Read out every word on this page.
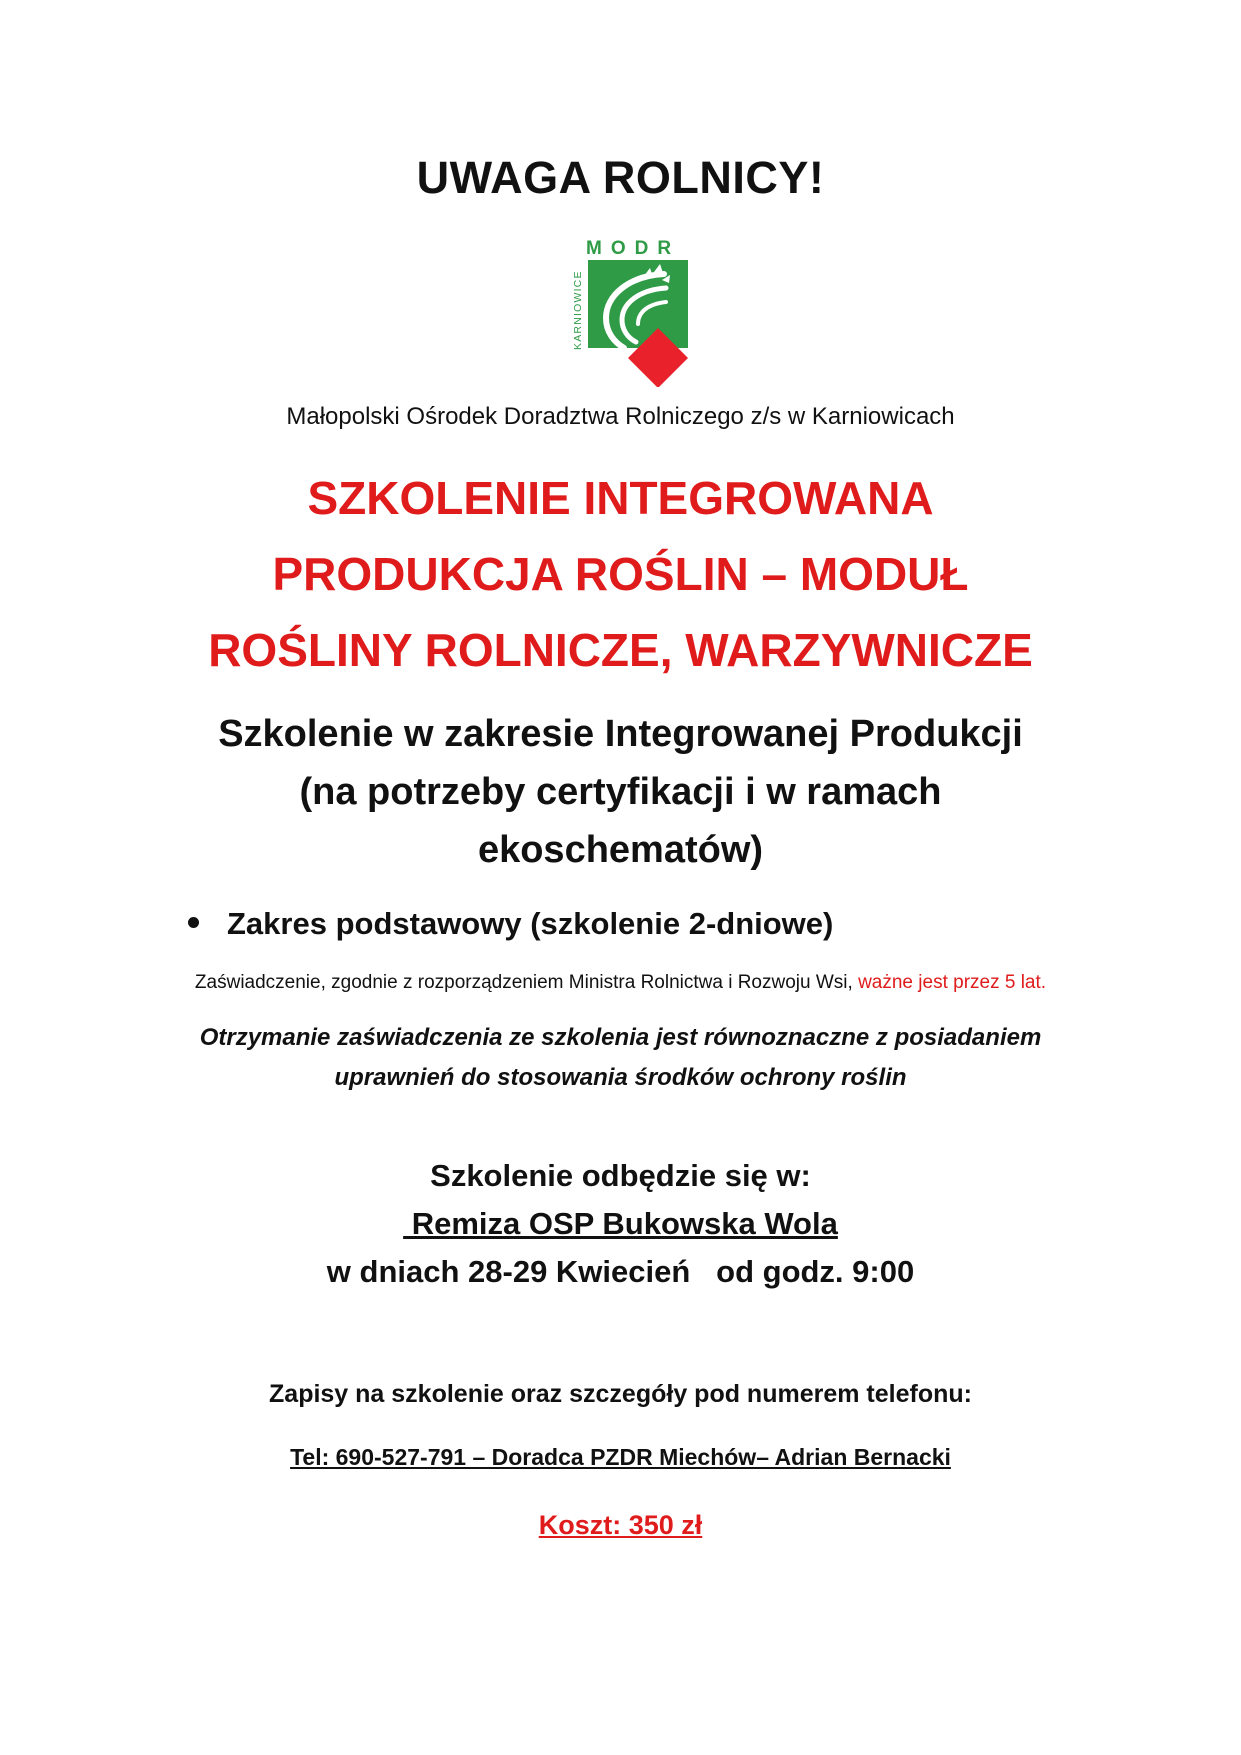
UWAGA ROLNICY!
MODR
KARNIOWICE
Małopolski Ośrodek Doradztwa Rolniczego z/s w Karniowicach
SZKOLENIE INTEGROWANA
PRODUKCJA ROŚLIN – MODUŁ
ROŚLINY ROLNICZE, WARZYWNICZE
Szkolenie w zakresie Integrowanej Produkcji
(na potrzeby certyfikacji i w ramach
ekoschematów)
Zakres podstawowy (szkolenie 2-dniowe)
Zaświadczenie, zgodnie z rozporządzeniem Ministra Rolnictwa i Rozwoju Wsi, ważne jest przez 5 lat.
Otrzymanie zaświadczenia ze szkolenia jest równoznaczne z posiadaniem
uprawnień do stosowania środków ochrony roślin
Szkolenie odbędzie się w:
Remiza OSP Bukowska Wola
w dniach 28-29 Kwiecień   od godz. 9:00
Zapisy na szkolenie oraz szczegóły pod numerem telefonu:
Tel: 690-527-791 – Doradca PZDR Miechów– Adrian Bernacki
Koszt: 350 zł
